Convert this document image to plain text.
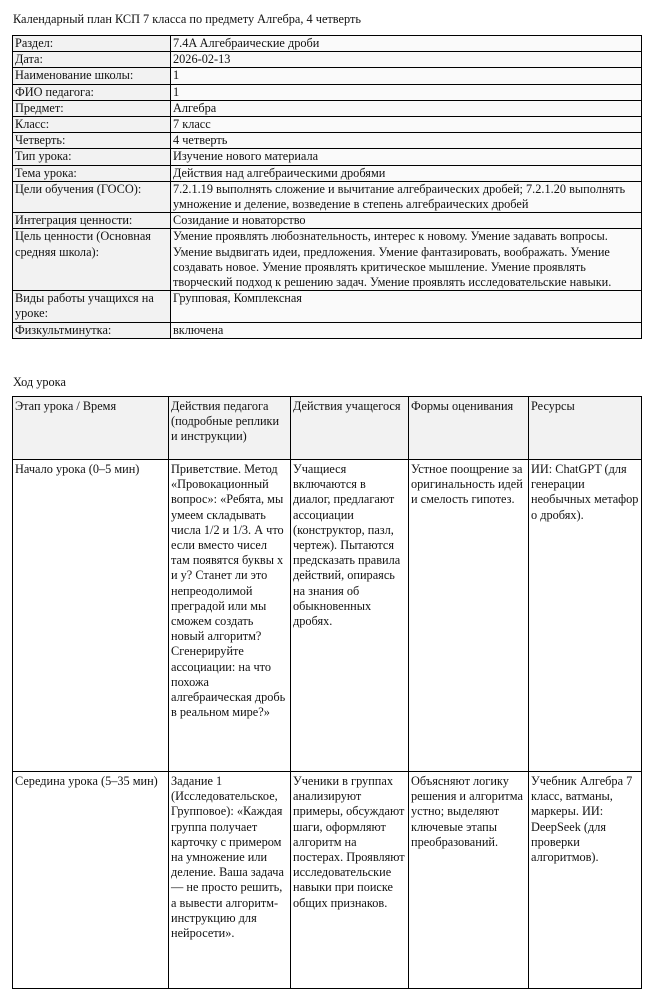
Календарный план КСП 7 класса по предмету Алгебра, 4 четверть
Раздел:	7.4A Алгебраические дроби
Дата:	2026-02-13
Наименование школы:	1
ФИО педагога:	1
Предмет:	Алгебра
Класс:	7 класс
Четверть:	4 четверть
Тип урока:	Изучение нового материала
Тема урока:	Действия над алгебраическими дробями
Цели обучения (ГОСО):	7.2.1.19 выполнять сложение и вычитание алгебраических дробей; 7.2.1.20 выполнять умножение и деление, возведение в степень алгебраических дробей
Интеграция ценности:	Созидание и новаторство
Цель ценности (Основная средняя школа):	Умение проявлять любознательность, интерес к новому. Умение задавать вопросы. Умение выдвигать идеи, предложения. Умение фантазировать, воображать. Умение создавать новое. Умение проявлять критическое мышление. Умение проявлять творческий подход к решению задач. Умение проявлять исследовательские навыки.
Виды работы учащихся на уроке:	Групповая, Комплексная
Физкультминутка:	включена
Ход урока
Этап урока / Время	Действия педагога (подробные реплики и инструкции)	Действия учащегося	Формы оценивания	Ресурсы
Начало урока (0–5 мин)	Приветствие. Метод «Провокационный вопрос»: «Ребята, мы умеем складывать числа 1/2 и 1/3. А что если вместо чисел там появятся буквы x и y? Станет ли это непреодолимой преградой или мы сможем создать новый алгоритм? Сгенерируйте ассоциации: на что похожа алгебраическая дробь в реальном мире?»	Учащиеся включаются в диалог, предлагают ассоциации (конструктор, пазл, чертеж). Пытаются предсказать правила действий, опираясь на знания об обыкновенных дробях.	Устное поощрение за оригинальность идей и смелость гипотез.	ИИ: ChatGPT (для генерации необычных метафор о дробях).
Середина урока (5–35 мин)	Задание 1 (Исследовательское, Групповое): «Каждая группа получает карточку с примером на умножение или деление. Ваша задача — не просто решить, а вывести алгоритм-инструкцию для нейросети».	Ученики в группах анализируют примеры, обсуждают шаги, оформляют алгоритм на постерах. Проявляют исследовательские навыки при поиске общих признаков.	Объясняют логику решения и алгоритма устно; выделяют ключевые этапы преобразований.	Учебник Алгебра 7 класс, ватманы, маркеры. ИИ: DeepSeek (для проверки алгоритмов).
